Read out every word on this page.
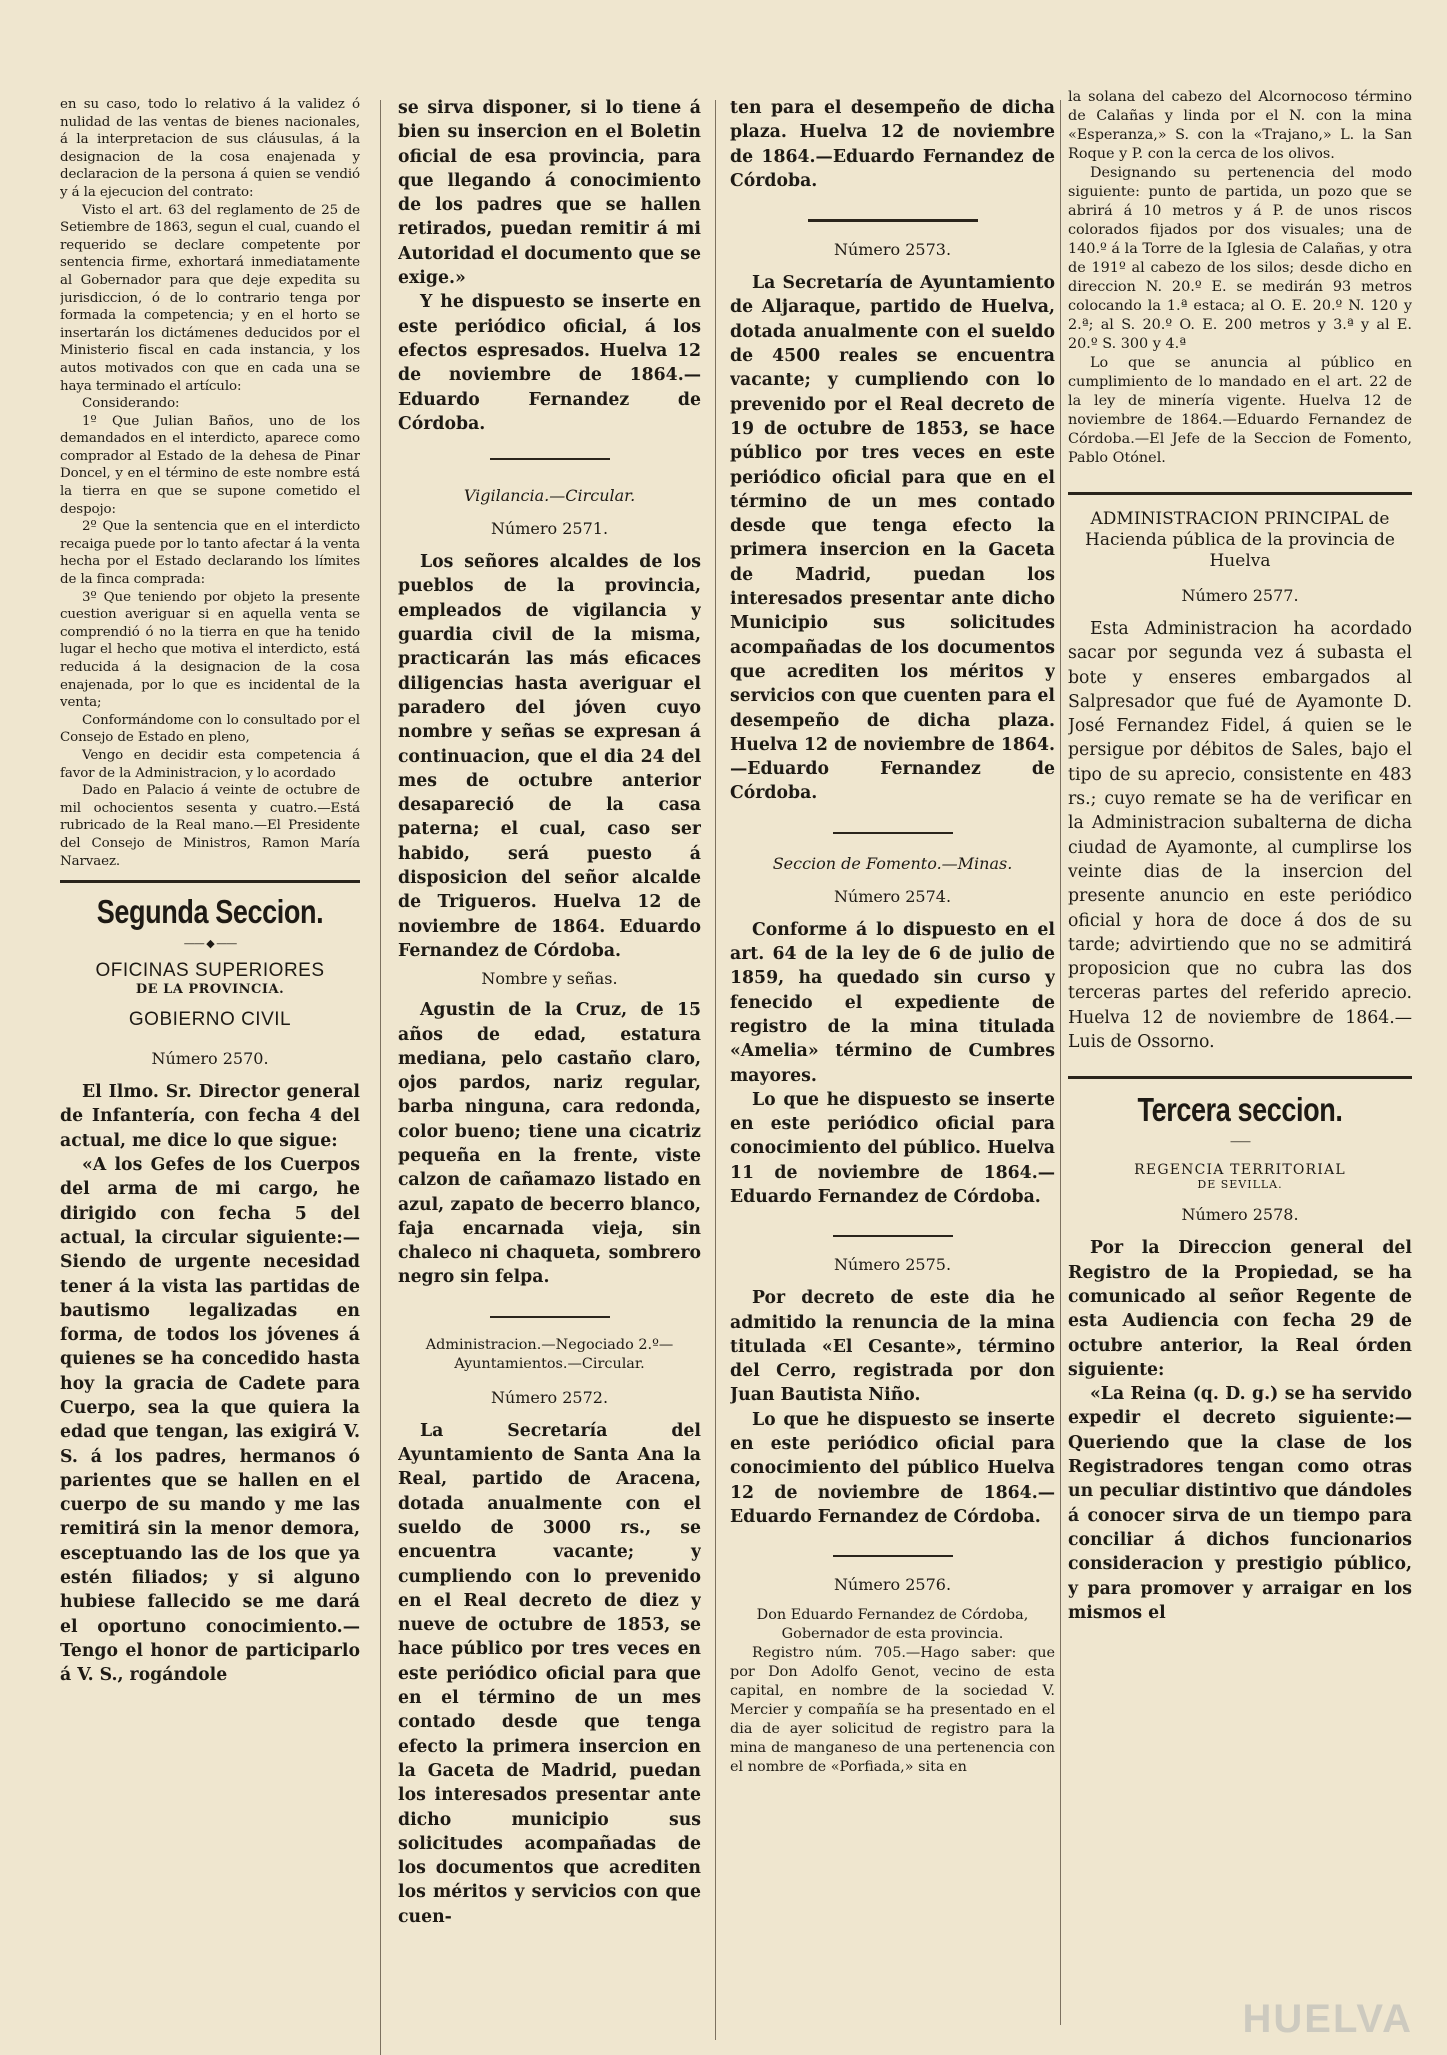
en su caso, todo lo relativo á la validez ó nulidad de las ventas de bienes nacionales, á la interpretacion de sus cláusulas, á la designacion de la cosa enajenada y declaracion de la persona á quien se vendió y á la ejecucion del contrato:

Visto el art. 63 del reglamento de 25 de Setiembre de 1863, segun el cual, cuando el requerido se declare competente por sentencia firme, exhortará inmediatamente al Gobernador para que deje expedita su jurisdiccion, ó de lo contrario tenga por formada la competencia; y en el horto se insertarán los dictámenes deducidos por el Ministerio fiscal en cada instancia, y los autos motivados con que en cada una se haya terminado el artículo:

Considerando:

1º Que Julian Baños, uno de los demandados en el interdicto, aparece como comprador al Estado de la dehesa de Pinar Doncel, y en el término de este nombre está la tierra en que se supone cometido el despojo:

2º Que la sentencia que en el interdicto recaiga puede por lo tanto afectar á la venta hecha por el Estado declarando los límites de la finca comprada:

3º Que teniendo por objeto la presente cuestion averiguar si en aquella venta se comprendió ó no la tierra en que ha tenido lugar el hecho que motiva el interdicto, está reducida á la designacion de la cosa enajenada, por lo que es incidental de la venta;

Conformándome con lo consultado por el Consejo de Estado en pleno,

Vengo en decidir esta competencia á favor de la Administracion, y lo acordado

Dado en Palacio á veinte de octubre de mil ochocientos sesenta y cuatro.—Está rubricado de la Real mano.—El Presidente del Consejo de Ministros, Ramon María Narvaez.

Segunda Seccion.
—— ◆ ——
OFICINAS SUPERIORES
DE LA PROVINCIA.
GOBIERNO CIVIL
Número 2570.

El Ilmo. Sr. Director general de Infantería, con fecha 4 del actual, me dice lo que sigue:

«A los Gefes de los Cuerpos del arma de mi cargo, he dirigido con fecha 5 del actual, la circular siguiente:—Siendo de urgente necesidad tener á la vista las partidas de bautismo legalizadas en forma, de todos los jóvenes á quienes se ha concedido hasta hoy la gracia de Cadete para Cuerpo, sea la que quiera la edad que tengan, las exigirá V. S. á los padres, hermanos ó parientes que se hallen en el cuerpo de su mando y me las remitirá sin la menor demora, esceptuando las de los que ya estén filiados; y si alguno hubiese fallecido se me dará el oportuno conocimiento.—Tengo el honor de participarlo á V. S., rogándole

se sirva disponer, si lo tiene á bien su insercion en el Boletin oficial de esa provincia, para que llegando á conocimiento de los padres que se hallen retirados, puedan remitir á mi Autoridad el documento que se exige.»

Y he dispuesto se inserte en este periódico oficial, á los efectos espresados. Huelva 12 de noviembre de 1864.—Eduardo Fernandez de Córdoba.

Vigilancia.—Circular.
Número 2571.

Los señores alcaldes de los pueblos de la provincia, empleados de vigilancia y guardia civil de la misma, practicarán las más eficaces diligencias hasta averiguar el paradero del jóven cuyo nombre y señas se expresan á continuacion, que el dia 24 del mes de octubre anterior desapareció de la casa paterna; el cual, caso ser habido, será puesto á disposicion del señor alcalde de Trigueros. Huelva 12 de noviembre de 1864. Eduardo Fernandez de Córdoba.

Nombre y señas.

Agustin de la Cruz, de 15 años de edad, estatura mediana, pelo castaño claro, ojos pardos, nariz regular, barba ninguna, cara redonda, color bueno; tiene una cicatriz pequeña en la frente, viste calzon de cañamazo listado en azul, zapato de becerro blanco, faja encarnada vieja, sin chaleco ni chaqueta, sombrero negro sin felpa.

Administracion.—Negociado 2.º—Ayuntamientos.—Circular.
Número 2572.

La Secretaría del Ayuntamiento de Santa Ana la Real, partido de Aracena, dotada anualmente con el sueldo de 3000 rs., se encuentra vacante; y cumpliendo con lo prevenido en el Real decreto de diez y nueve de octubre de 1853, se hace público por tres veces en este periódico oficial para que en el término de un mes contado desde que tenga efecto la primera insercion en la Gaceta de Madrid, puedan los interesados presentar ante dicho municipio sus solicitudes acompañadas de los documentos que acrediten los méritos y servicios con que cuen-

ten para el desempeño de dicha plaza. Huelva 12 de noviembre de 1864.—Eduardo Fernandez de Córdoba.

Número 2573.

La Secretaría de Ayuntamiento de Aljaraque, partido de Huelva, dotada anualmente con el sueldo de 4500 reales se encuentra vacante; y cumpliendo con lo prevenido por el Real decreto de 19 de octubre de 1853, se hace público por tres veces en este periódico oficial para que en el término de un mes contado desde que tenga efecto la primera insercion en la Gaceta de Madrid, puedan los interesados presentar ante dicho Municipio sus solicitudes acompañadas de los documentos que acrediten los méritos y servicios con que cuenten para el desempeño de dicha plaza. Huelva 12 de noviembre de 1864.—Eduardo Fernandez de Córdoba.

Seccion de Fomento.—Minas.
Número 2574.

Conforme á lo dispuesto en el art. 64 de la ley de 6 de julio de 1859, ha quedado sin curso y fenecido el expediente de registro de la mina titulada «Amelia» término de Cumbres mayores.

Lo que he dispuesto se inserte en este periódico oficial para conocimiento del público. Huelva 11 de noviembre de 1864.—Eduardo Fernandez de Córdoba.

Número 2575.

Por decreto de este dia he admitido la renuncia de la mina titulada «El Cesante», término del Cerro, registrada por don Juan Bautista Niño.

Lo que he dispuesto se inserte en este periódico oficial para conocimiento del público Huelva 12 de noviembre de 1864.—Eduardo Fernandez de Córdoba.

Número 2576.

Don Eduardo Fernandez de Córdoba, Gobernador de esta provincia.

Registro núm. 705.—Hago saber: que por Don Adolfo Genot, vecino de esta capital, en nombre de la sociedad V. Mercier y compañía se ha presentado en el dia de ayer solicitud de registro para la mina de manganeso de una pertenencia con el nombre de «Porfiada,» sita en

la solana del cabezo del Alcornocoso término de Calañas y linda por el N. con la mina «Esperanza,» S. con la «Trajano,» L. la San Roque y P. con la cerca de los olivos.

Designando su pertenencia del modo siguiente: punto de partida, un pozo que se abrirá á 10 metros y á P. de unos riscos colorados fijados por dos visuales; una de 140.º á la Torre de la Iglesia de Calañas, y otra de 191º al cabezo de los silos; desde dicho en direccion N. 20.º E. se medirán 93 metros colocando la 1.ª estaca; al O. E. 20.º N. 120 y 2.ª; al S. 20.º O. E. 200 metros y 3.ª y al E. 20.º S. 300 y 4.ª

Lo que se anuncia al público en cumplimiento de lo mandado en el art. 22 de la ley de minería vigente. Huelva 12 de noviembre de 1864.—Eduardo Fernandez de Córdoba.—El Jefe de la Seccion de Fomento, Pablo Otónel.

ADMINISTRACION PRINCIPAL de Hacienda pública de la provincia de Huelva
Número 2577.

Esta Administracion ha acordado sacar por segunda vez á subasta el bote y enseres embargados al Salpresador que fué de Ayamonte D. José Fernandez Fidel, á quien se le persigue por débitos de Sales, bajo el tipo de su aprecio, consistente en 483 rs.; cuyo remate se ha de verificar en la Administracion subalterna de dicha ciudad de Ayamonte, al cumplirse los veinte dias de la insercion del presente anuncio en este periódico oficial y hora de doce á dos de su tarde; advirtiendo que no se admitirá proposicion que no cubra las dos terceras partes del referido aprecio. Huelva 12 de noviembre de 1864.—Luis de Ossorno.

Tercera seccion.
——
REGENCIA TERRITORIAL
DE SEVILLA.
Número 2578.

Por la Direccion general del Registro de la Propiedad, se ha comunicado al señor Regente de esta Audiencia con fecha 29 de octubre anterior, la Real órden siguiente:

«La Reina (q. D. g.) se ha servido expedir el decreto siguiente:—Queriendo que la clase de los Registradores tengan como otras un peculiar distintivo que dándoles á conocer sirva de un tiempo para conciliar á dichos funcionarios consideracion y prestigio público, y para promover y arraigar en los mismos el

HUELVA
